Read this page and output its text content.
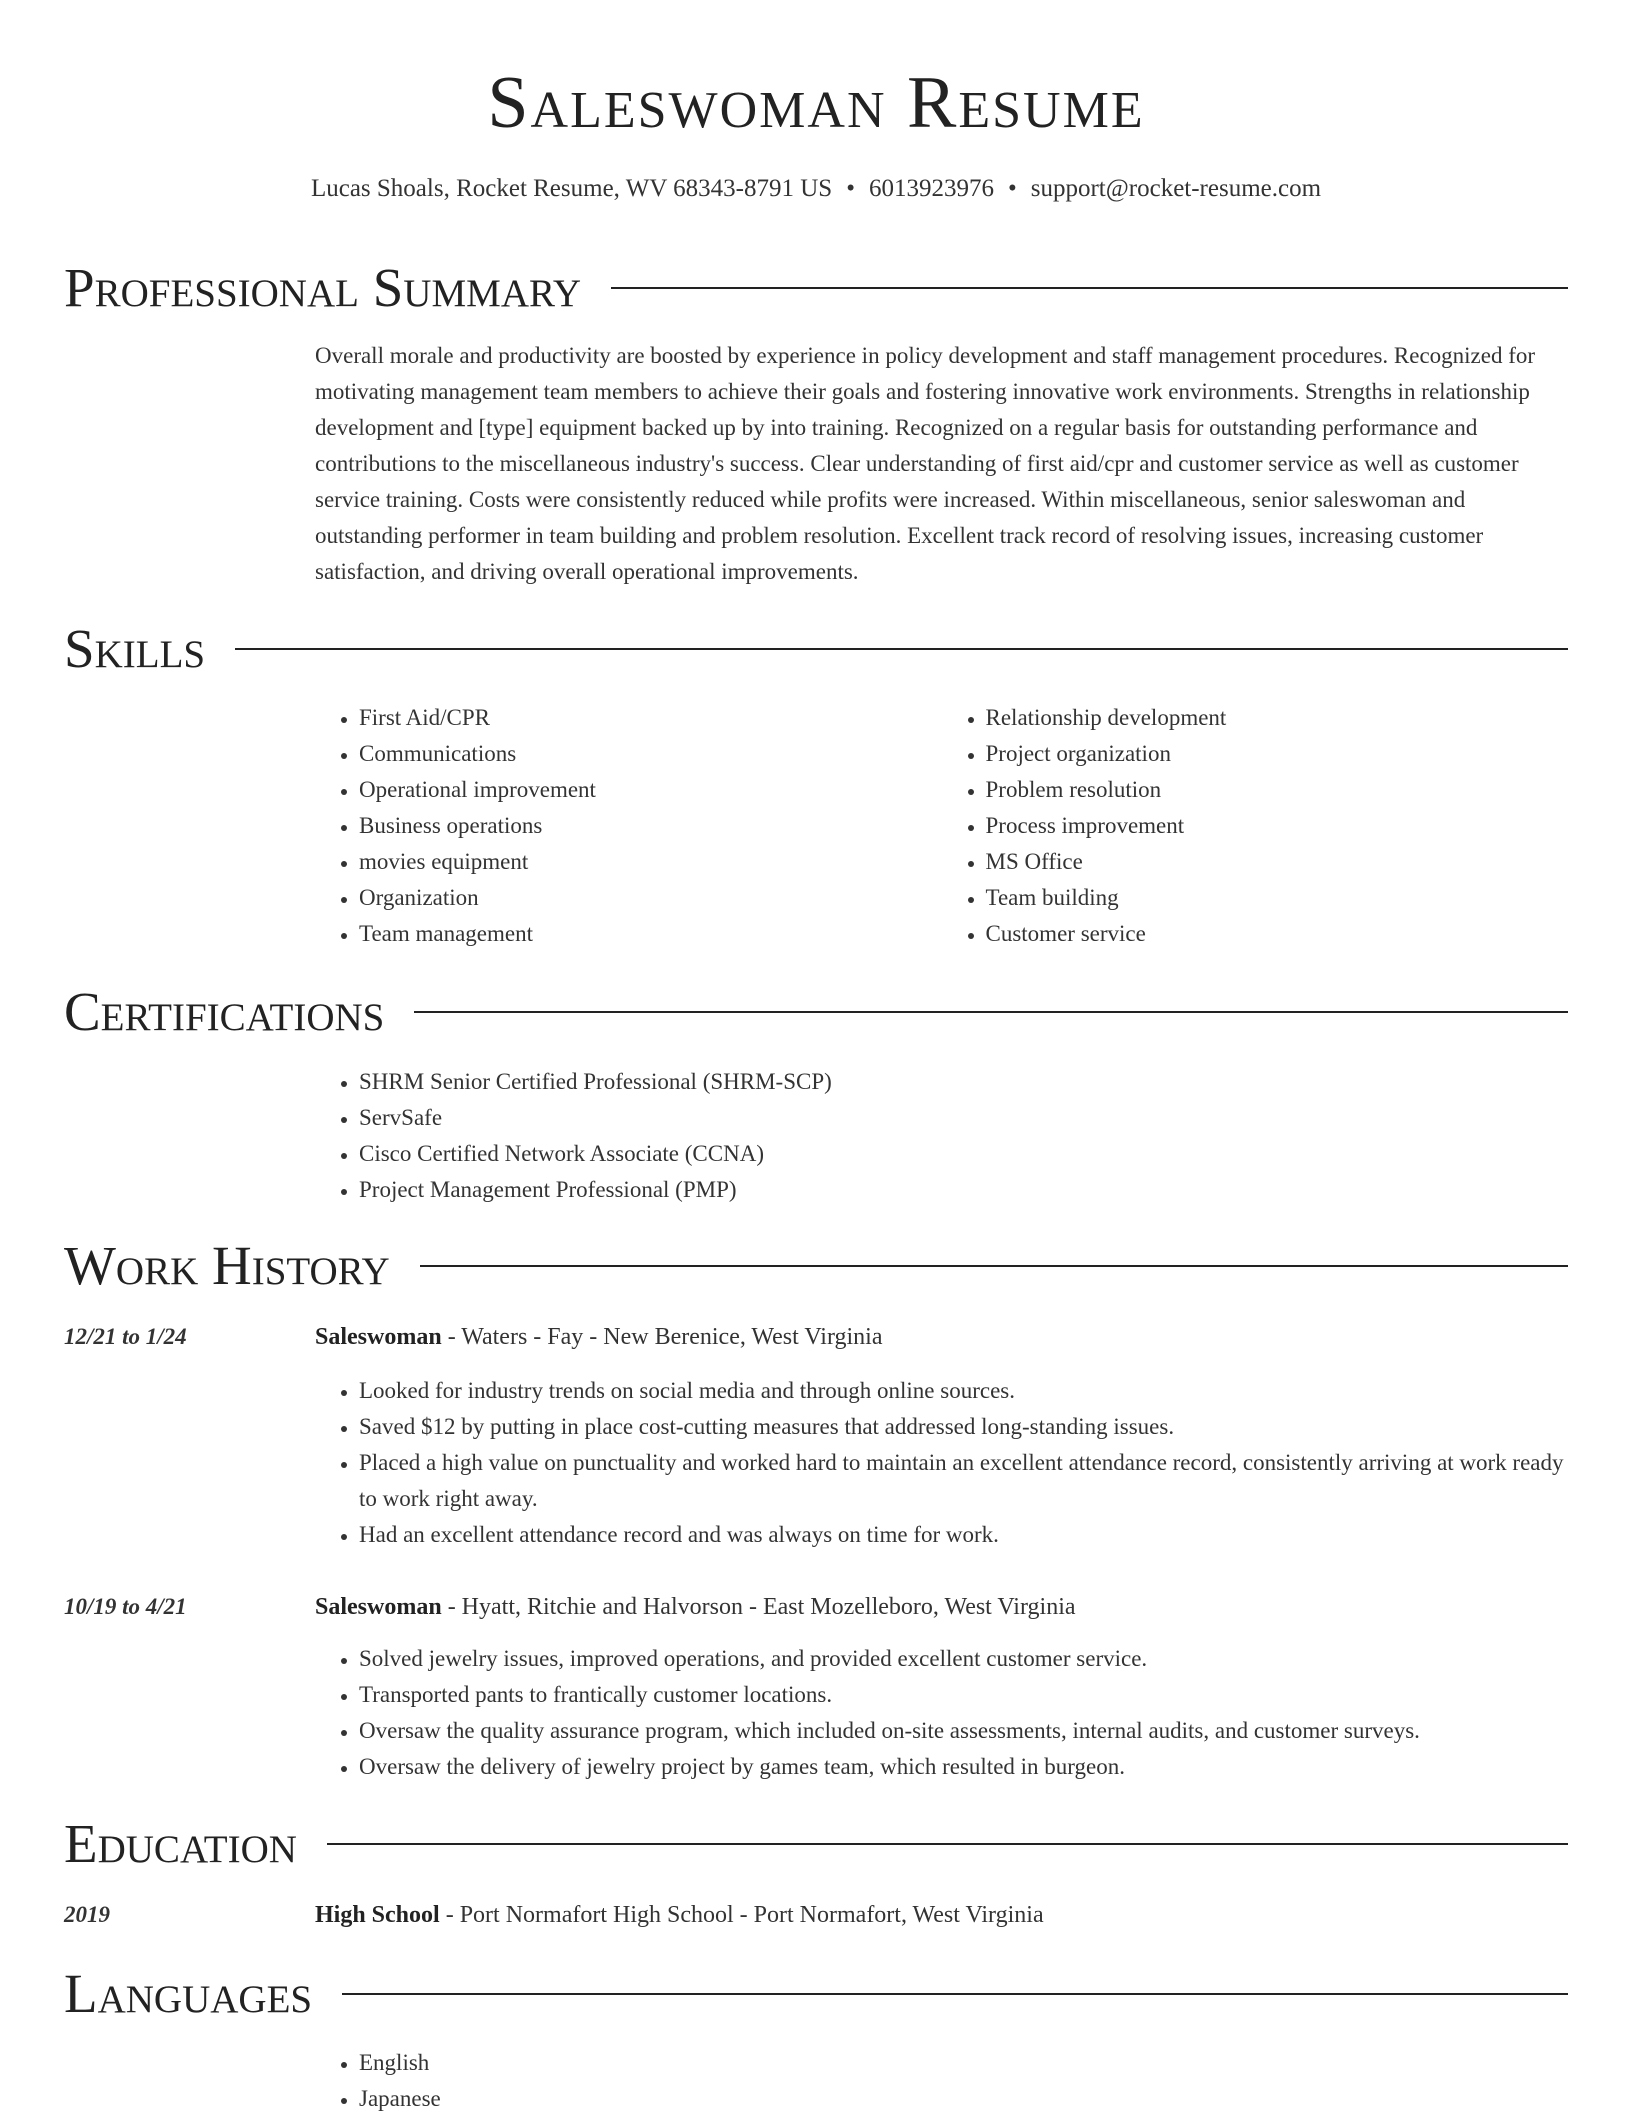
Saleswoman Resume
Lucas Shoals, Rocket Resume, WV 68343-8791 US • 6013923976 • support@rocket-resume.com
Professional Summary

Overall morale and productivity are boosted by experience in policy development and staff management procedures. Recognized for motivating management team members to achieve their goals and fostering innovative work environments. Strengths in relationship development and [type] equipment backed up by into training. Recognized on a regular basis for outstanding performance and contributions to the miscellaneous industry's success. Clear understanding of first aid/cpr and customer service as well as customer service training. Costs were consistently reduced while profits were increased. Within miscellaneous, senior saleswoman and outstanding performer in team building and problem resolution. Excellent track record of resolving issues, increasing customer satisfaction, and driving overall operational improvements.

Skills
• First Aid/CPR
• Communications
• Operational improvement
• Business operations
• movies equipment
• Organization
• Team management
• Relationship development
• Project organization
• Problem resolution
• Process improvement
• MS Office
• Team building
• Customer service
Certifications
• SHRM Senior Certified Professional (SHRM-SCP)
• ServSafe
• Cisco Certified Network Associate (CCNA)
• Project Management Professional (PMP)
Work History
12/21 to 1/24	Saleswoman - Waters - Fay - New Berenice, West Virginia
• Looked for industry trends on social media and through online sources.
• Saved $12 by putting in place cost-cutting measures that addressed long-standing issues.
• Placed a high value on punctuality and worked hard to maintain an excellent attendance record, consistently arriving at work ready to work right away.
• Had an excellent attendance record and was always on time for work.
10/19 to 4/21	Saleswoman - Hyatt, Ritchie and Halvorson - East Mozelleboro, West Virginia
• Solved jewelry issues, improved operations, and provided excellent customer service.
• Transported pants to frantically customer locations.
• Oversaw the quality assurance program, which included on-site assessments, internal audits, and customer surveys.
• Oversaw the delivery of jewelry project by games team, which resulted in burgeon.
Education
2019	High School - Port Normafort High School - Port Normafort, West Virginia
Languages
• English
• Japanese
